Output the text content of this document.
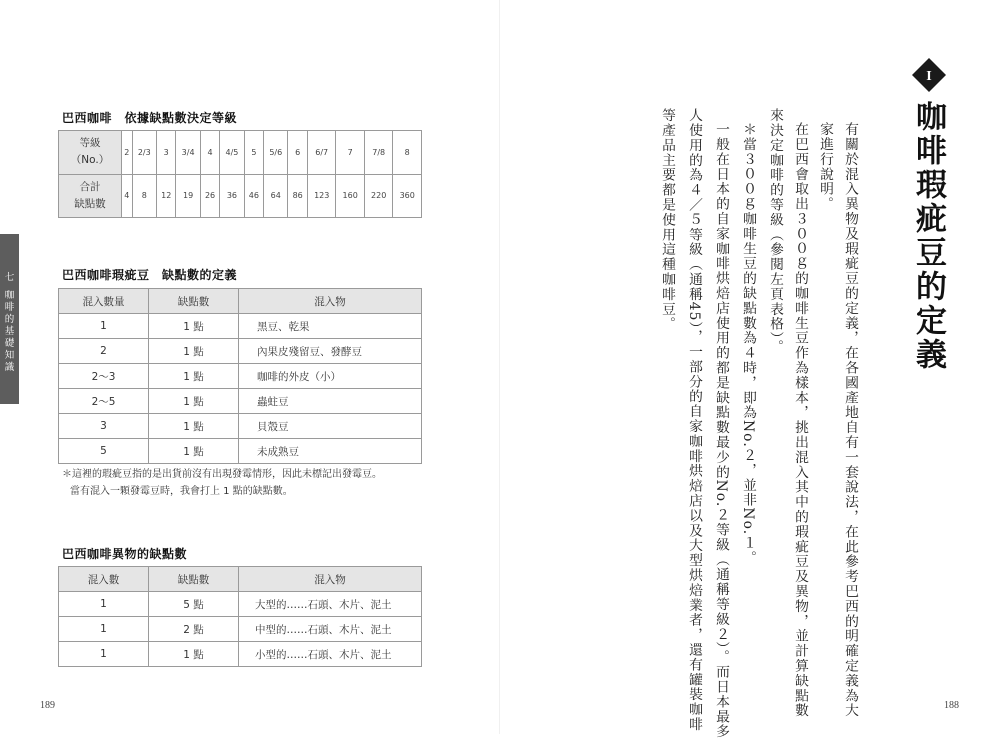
七
咖
啡
的
基
礎
知
識
巴西咖啡　依據缺點數決定等級
等級
（No.）	2	2/3	3	3/4	4	4/5	5	5/6	6	6/7	7	7/8	8
合計
缺點數	4	8	12	19	26	36	46	64	86	123	160	220	360
巴西咖啡瑕疵豆　缺點數的定義
混入數量	缺點數	混入物
1	1 點	黑豆、乾果
2	1 點	內果皮殘留豆、發酵豆
2～3	1 點	咖啡的外皮（小）
2～5	1 點	蟲蛀豆
3	1 點	貝殼豆
5	1 點	未成熟豆
＊這裡的瑕疵豆指的是出貨前沒有出現發霉情形，因此未標記出發霉豆。
當有混入一顆發霉豆時，我會打上 1 點的缺點數。
巴西咖啡異物的缺點數
混入數	缺點數	混入物
1	5 點	大型的……石頭、木片、泥土
1	2 點	中型的……石頭、木片、泥土
1	1 點	小型的……石頭、木片、泥土
189
I
咖啡瑕疵豆的定義
有關於混入異物及瑕疵豆的定義，在各國產地自有一套說法，在此參考巴西的明確定義為大
家進行說明。
在巴西會取出３００ｇ的咖啡生豆作為樣本，挑出混入其中的瑕疵豆及異物，並計算缺點數
來決定咖啡的等級（參閱左頁表格）。
＊當３００ｇ咖啡生豆的缺點數為４時，即為No.２，並非No.１。
一般在日本的自家咖啡烘焙店使用的都是缺點數最少的No.２等級（通稱等級２）。而日本最多
人使用的為４／５等級（通稱45），一部分的自家咖啡烘焙店以及大型烘焙業者，還有罐裝咖啡
等產品主要都是使用這種咖啡豆。
188
